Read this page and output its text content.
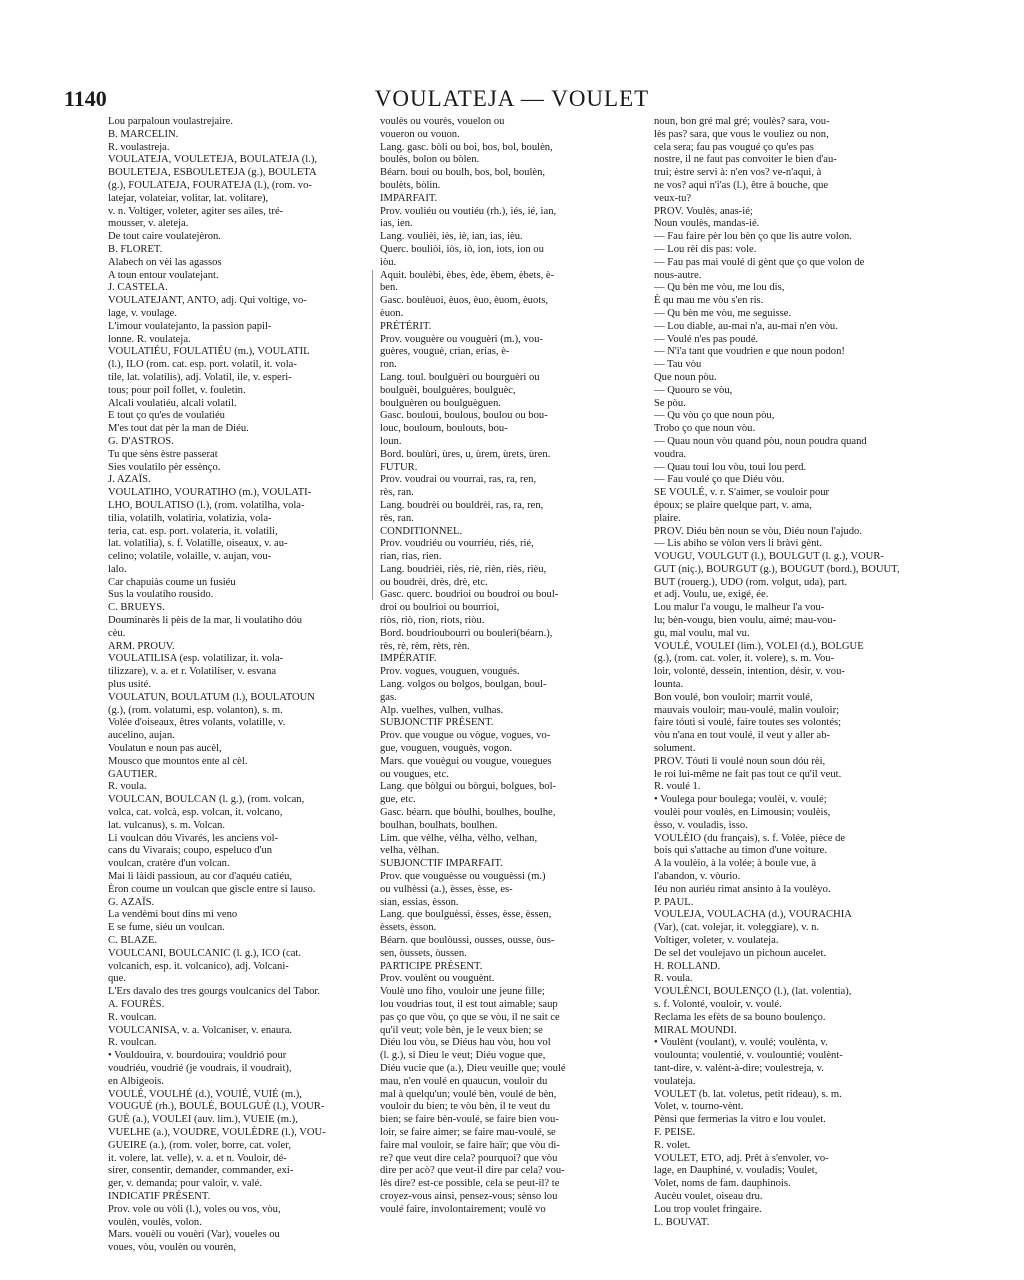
1140	VOULATEJA — VOULET
Lou parpaloun voulastrejaire.
B. MARCELIN.
R. voulastreja.
VOULATEJA, VOULETEJA, BOULATEJA (l.),
BOULETEJA, ESBOULETEJA (g.), BOULETA
(g.), FOULATEJA, FOURATEJA (l.), (rom. vo-
latejar, volateiar, volitar, lat. volitare),
v. n. Voltiger, voleter, agiter ses ailes, tré-
mousser, v. aleteja.
De tout caire voulatejèron.
B. FLORET.
Alabech on vèi las agassos
A toun entour voulatejant.
J. CASTELA.
VOULATEJANT, ANTO, adj. Qui voltige, vo-
lage, v. voulage.
L'imour voulatejanto, la passion papil-
lonne. R. voulateja.
VOULATIÉU, FOULATIÉU (m.), VOULATIL
(l.), ILO (rom. cat. esp. port. volatil, it. vola-
tile, lat. volatilis), adj. Volatil, ile, v. esperi-
tous; pour poil follet, v. fouletin.
Alcali voulatiéu, alcali volatil.
E tout ço qu'es de voulatiéu
M'es tout dat pèr la man de Diéu.
G. D'ASTROS.
Tu que sèns èstre passerat
Sies voulatilo pèr essènço.
J. AZAÏS.
VOULATIHO, VOURATIHO (m.), VOULATI-
LHO, BOULATISO (l.), (rom. volatilha, vola-
tilia, volatilh, volatiria, volatizia, vola-
teria, cat. esp. port. volateria, it. volatili,
lat. volatilia), s. f. Volatille, oiseaux, v. au-
celino; volatile, volaille, v. aujan, vou-
lalo.
Car chapuiàs coume un fusiéu
Sus la voulatiho rousido.
C. BRUEYS.
Douminarès li pèis de la mar, li voulatiho dóu
cèu.
ARM. PROUV.
VOULATILISA (esp. volatilizar, it. vola-
tilizzare), v. a. et r. Volatiliser, v. esvana
plus usité.
VOULATUN, BOULATUM (l.), BOULATOUN
(g.), (rom. volatumi, esp. volanton), s. m.
Volée d'oiseaux, êtres volants, volatille, v.
aucelino, aujan.
Voulatun e noun pas aucèl,
Mousco que mountos ente al cèl.
GAUTIER.
R. voula.
VOULCAN, BOULCAN (l. g.), (rom. volcan,
volca, cat. volcà, esp. volcan, it. volcano,
lat. vulcanus), s. m. Volcan.
Li voulcan dóu Vivarés, les anciens vol-
cans du Vivarais; coupo, espeluco d'un
voulcan, cratère d'un volcan.
Mai li làidi passioun, au cor d'aquéu catiéu,
Èron coume un voulcan que giscle entre si lauso.
G. AZAÏS.
La vendèmi bout dins mi veno
E se fume, siéu un voulcan.
C. BLAZE.
VOULCANI, BOULCANIC (l. g.), ICO (cat.
volcanich, esp. it. volcanico), adj. Volcani-
que.
L'Ers davalo des tres gourgs voulcanics del Tabor.
A. FOURÈS.
R. voulcan.
VOULCANISA, v. a. Volcaniser, v. enaura.
R. voulcan.
• Vouldouira, v. bourdouira; vouldrió pour
voudriéu, voudrié (je voudrais, il voudrait),
en Albigeois.
VOULÉ, VOULHÉ (d.), VOUIÉ, VUIÉ (m.),
VOUGUÉ (rh.), BOULÉ, BOULGUÉ (l.), VOUR-
GUÉ (a.), VOULEI (auv. lim.), VUEIE (m.),
VUELHE (a.), VOUDRE, VOULÈDRE (l.), VOU-
GUEIRE (a.), (rom. voler, borre, cat. voler,
it. volere, lat. velle), v. a. et n. Vouloir, dé-
sirer, consentir, demander, commander, exi-
ger, v. demanda; pour valoir, v. valé.
INDICATIF PRÉSENT.
Prov. vole ou vòli (l.), voles ou vos, vòu,
voulèn, voulès, volon.
Mars. vouèli ou vouèri (Var), voueles ou
voues, vòu, voulèn ou vourèn,
voulès ou vourès, vouelon ou
voueron ou vouon.
Lang. gasc. bòli ou boi, bos, bol, boulèn,
boulès, bolon ou bòlen.
Béarn. boui ou boulh, bos, bol, boulèn,
boulèts, bòlin.
IMPARFAIT.
Prov. vouliéu ou voutiéu (rh.), iés, ié, ian,
ias, ien.
Lang. voulièi, iès, iè, ian, ias, ièu.
Querc. bouliòi, iòs, iò, ion, iots, ion ou
iòu.
Aquit. boulèbi, èbes, ède, èbem, èbets, è-
ben.
Gasc. boulèuoi, èuos, èuo, èuom, èuots,
èuon.
PRÉTÉRIT.
Prov. vouguère ou vouguèri (m.), vou-
guères, vouguè, crian, erias, è-
ron.
Lang. toul. boulguèri ou bourguèri ou
boulguèi, boulguères, boulguèc,
boulguèren ou boulguèguen.
Gasc. bouloui, boulous, boulou ou bou-
louc, bouloum, boulouts, bou-
loun.
Bord. boulùri, ùres, u, ùrem, ùrets, ùren.
FUTUR.
Prov. voudrai ou vourrai, ras, ra, ren,
rès, ran.
Lang. boudrèi ou bouldrèi, ras, ra, ren,
rès, ran.
CONDITIONNEL.
Prov. voudriéu ou vourriéu, riés, rié,
rian, rias, rien.
Lang. boudrièi, riès, riè, rièn, riès, rièu,
ou boudrèi, drès, drè, etc.
Gasc. querc. boudrioi ou boudroi ou boul-
droi ou boulrioi ou bourrioi,
riòs, riò, rion, riots, riòu.
Bord. boudrioubourri ou bouleri(béarn.),
rès, rè, rèm, rèts, rèn.
IMPÉRATIF.
Prov. vogues, vouguen, vougués.
Lang. volgos ou bolgos, boulgan, boul-
gas.
Alp. vuelhes, vulhen, vulhas.
SUBJONCTIF PRÉSENT.
Prov. que vougue ou vògue, vogues, vo-
gue, vouguen, vouguès, vogon.
Mars. que vouègui ou vougue, vouegues
ou vougues, etc.
Lang. que bòlgui ou bòrgui, bolgues, bol-
gue, etc.
Gasc. béarn. que bòulhi, boulhes, boulhe,
boulhan, boulhats, boulhen.
Lim. que vèlhe, vèlha, vèlho, velhan,
velha, vèlhan.
SUBJONCTIF IMPARFAIT.
Prov. que vouguèsse ou vouguèssi (m.)
ou vulhèssi (a.), èsses, èsse, es-
sian, essias, èsson.
Lang. que boulguèssi, èsses, èsse, èssen,
èssets, èsson.
Béarn. que boulòussi, ousses, ousse, òus-
sen, òussets, òussen.
PARTICIPE PRÉSENT.
Prov. voulènt ou vouguènt.
Voulè uno fiho, vouloir une jeune fille;
lou voudrias tout, il est tout aimable; saup
pas ço que vòu, ço que se vòu, il ne sait ce
qu'il veut; vole bèn, je le veux bien; se
Diéu lou vòu, se Diéus hau vòu, hou vol
(l. g.), si Dieu le veut; Diéu vogue que,
Diéu vucie que (a.), Dieu veuille que; voulé
mau, n'en voulé en quaucun, vouloir du
mal à quelqu'un; voulé bèn, voulé de bèn,
vouloir du bien; te vòu bèn, il te veut du
bien; se faire bèn-voulé, se faire bien vou-
loir, se faire aimer; se faire mau-voulé, se
faire mal vouloir, se faire haïr; que vòu di-
re? que veut dire cela? pourquoi? que vòu
dire per acò? que veut-il dire par cela? vou-
lès dire? est-ce possible, cela se peut-il? te
croyez-vous ainsi, pensez-vous; sènso lou
voulé faire, involontairement; voulè vo
noun, bon gré mal gré; voulès? sara, vou-
lès pas? sara, que vous le vouliez ou non,
cela sera; fau pas vougué ço qu'es pas
nostre, il ne faut pas convoiter le bien d'au-
trui; èstre servi à: n'en vos? ve-n'aqui, à
ne vos? aqui n'i'as (l.), être à bouche, que
veux-tu?
PROV. Voulès, anas-ié;
Noun voulès, mandas-ié.
— Fau faire pèr lou bèn ço que lis autre volon.
— Lou rèi dis pas: vole.
— Fau pas mai voulé di gènt que ço que volon de
nous-autre.
— Qu bèn me vòu, me lou dis,
È qu mau me vòu s'en ris.
— Qu bèn me vòu, me seguisse.
— Lou diable, au-mai n'a, au-mai n'en vòu.
— Voulé n'es pas poudé.
— N'i'a tant que voudrien e que noun podon!
— Tau vòu
Que noun pòu.
— Quouro se vòu,
Se pòu.
— Qu vòu ço que noun pòu,
Trobo ço que noun vòu.
— Quau noun vòu quand pòu, noun poudra quand
voudra.
— Quau toui lou vòu, toui lou perd.
— Fau voulé ço que Diéu vòu.
SE VOULÉ, v. r. S'aimer, se vouloir pour
époux; se plaire quelque part, v. ama,
plaire.
PROV. Diéu bèn noun se vòu, Diéu noun l'ajudo.
— Lis abiho se vòlon vers li bràvi gènt.
VOUGU, VOULGUT (l.), BOULGUT (l. g.), VOUR-
GUT (niç.), BOURGUT (g.), BOUGUT (bord.), BOUUT,
BUT (rouerg.), UDO (rom. volgut, uda), part.
et adj. Voulu, ue, exigé, ée.
Lou malur l'a vougu, le malheur l'a vou-
lu; bèn-vougu, bien voulu, aimé; mau-vou-
gu, mal voulu, mal vu.
VOULÉ, VOULEI (lim.), VOLEI (d.), BOLGUE
(g.), (rom. cat. voler, it. volere), s. m. Vou-
loir, volonté, dessein, intention, désir, v. vou-
lounta.
Bon voulé, bon vouloir; marrit voulé,
mauvais vouloir; mau-voulé, malin vouloir;
faire tóuti si voulé, faire toutes ses volontés;
vòu n'ana en tout voulé, il veut y aller ab-
solument.
PROV. Tóuti li voulé noun soun dóu rèi,
le roi lui-même ne fait pas tout ce qu'il veut.
R. voulé 1.
• Voulega pour boulega; voulèi, v. voulé;
voulèi pour voulès, en Limousin; voulèis,
èsso, v. vouladis, isso.
VOULÈIO (du français), s. f. Volée, pièce de
bois qui s'attache au timon d'une voiture.
A la voulèio, à la volée; à boule vue, à
l'abandon, v. vòurio.
Iéu non auriéu rimat ansinto à la voulèyo.
P. PAUL.
VOULEJA, VOULACHA (d.), VOURACHIA
(Var), (cat. volejar, it. voleggiare), v. n.
Voltiger, voleter, v. voulateja.
De sel det voulejavo un pichoun aucelet.
H. ROLLAND.
R. voula.
VOULÈNCI, BOULENÇO (l.), (lat. volentia),
s. f. Volonté, vouloir, v. voulé.
Reclama les efèts de sa bouno boulenço.
MIRAL MOUNDI.
• Voulènt (voulant), v. voulé; voulènta, v.
voulounta; voulentié, v. voulountié; voulènt-
tant-dire, v. valènt-à-dire; voulestreja, v.
voulateja.
VOULET (b. lat. voletus, petit rideau), s. m.
Volet, v. tourno-vènt.
Pènsi que fermerias la vitro e lou voulet.
F. PEISE.
R. volet.
VOULET, ETO, adj. Prêt à s'envoler, vo-
lage, en Dauphiné, v. vouladis; Voulet,
Volet, noms de fam. dauphinois.
Aucèu voulet, oiseau dru.
Lou trop voulet fringaire.
L. BOUVAT.
